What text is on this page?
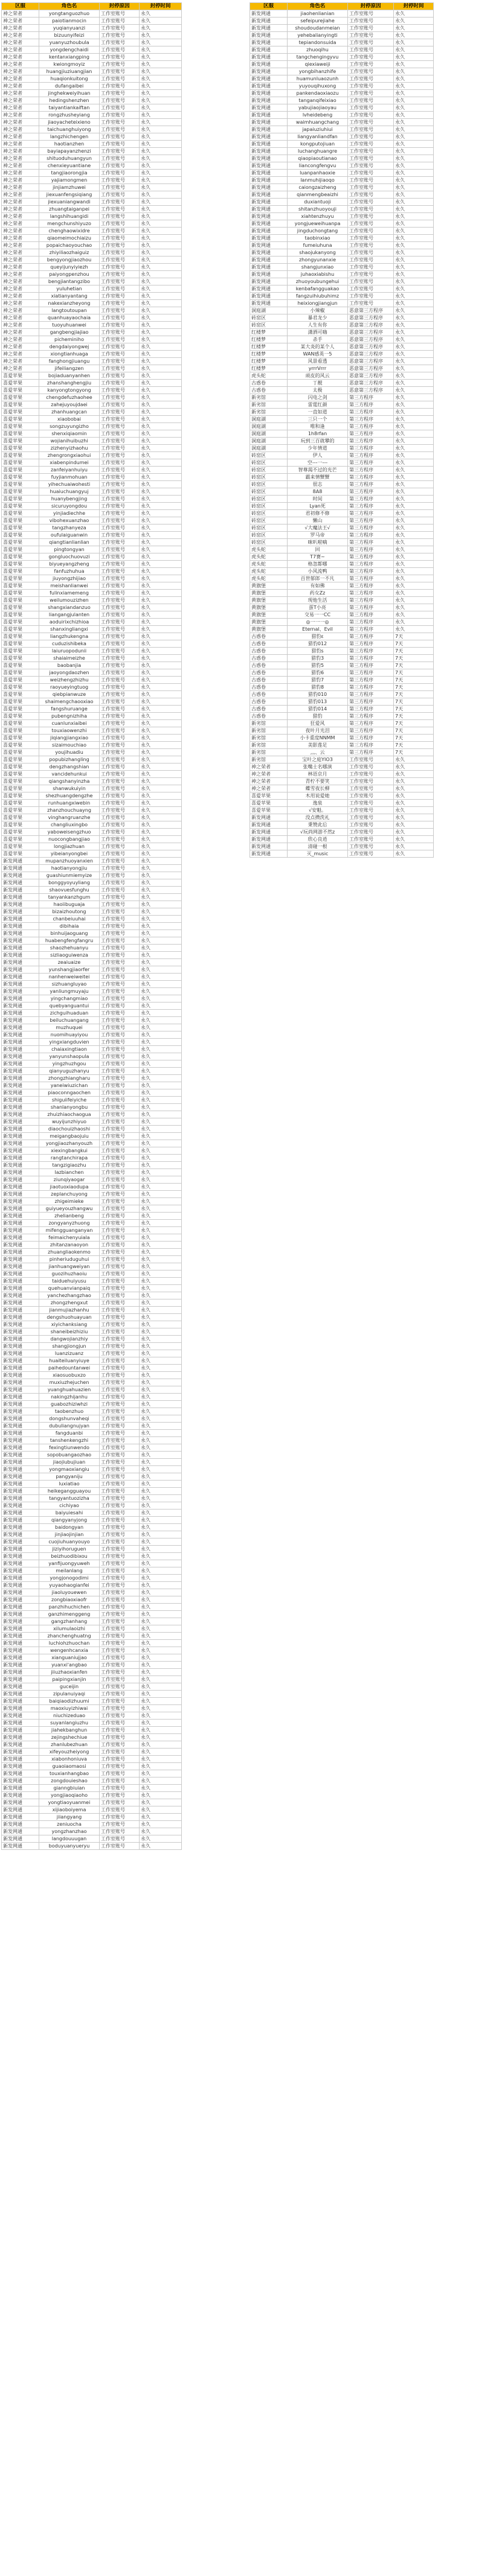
区服	角色名	封停原因	封停时间
神之荣者	yongtanguozhuo	工作室账号	永久
神之荣者	paiotianmocin	工作室账号	永久
神之荣者	yuqianyuanzi	工作室账号	永久
神之荣者	bizuunyifeizi	工作室账号	永久
神之荣者	yuanyuzhoubula	工作室账号	永久
神之荣者	yongdengchaidi	工作室账号	永久
神之荣者	kentanxiangping	工作室账号	永久
神之荣者	kwiongmoyiz	工作室账号	永久
神之荣者	huangjiuziuangjian	工作室账号	永久
神之荣者	huaqionkuitong	工作室账号	永久
神之荣者	dufangaibei	工作室账号	永久
神之荣者	jinghekweiyihuan	工作室账号	永久
神之荣者	hedingshenzhen	工作室账号	永久
神之荣者	taiyantiankaiftan	工作室账号	永久
神之荣者	rongzhusheyiang	工作室账号	永久
神之荣者	jiaoyacheteixieno	工作室账号	永久
神之荣者	taichuanghuiyong	工作室账号	永久
神之荣者	langzhichengen	工作室账号	永久
神之荣者	haotianzhen	工作室账号	永久
神之荣者	bayiapayanzhenzi	工作室账号	永久
神之荣者	shituoduhuangyun	工作室账号	永久
神之荣者	chenxieyuantiane	工作室账号	永久
神之荣者	tangjiaorongjia	工作室账号	永久
神之荣者	yajiamongmen	工作室账号	永久
神之荣者	jinjiamzhuwei	工作室账号	永久
神之荣者	jiexuanfengsiqiang	工作室账号	永久
神之荣者	jiexuaniangwandi	工作室账号	永久
神之荣者	zhuangtaiganpei	工作室账号	永久
神之荣者	langshihuangidi	工作室账号	永久
神之荣者	mengchunshiyuzo	工作室账号	永久
神之荣者	chenghaowixidre	工作室账号	永久
神之荣者	qiaomeimochiaizu	工作室账号	永久
神之荣者	popaichaoyouchao	工作室账号	永久
神之荣者	zhiyiliaozhaiguiz	工作室账号	永久
神之荣者	bengyongjiaozhou	工作室账号	永久
神之荣者	queyijunyiyiezh	工作室账号	永久
神之荣者	paiyongpenzhou	工作室账号	永久
神之荣者	bengjiantangzibo	工作室账号	永久
神之荣者	yuluhetian	工作室账号	永久
神之荣者	xiatianyantang	工作室账号	永久
神之荣者	nakexianzheyong	工作室账号	永久
神之荣者	langtoutoupan	工作室账号	永久
神之荣者	quanhuayaochaia	工作室账号	永久
神之荣者	tuoyuhuanwei	工作室账号	永久
神之荣者	gangbengjiajiao	工作室账号	永久
神之荣者	picheminiho	工作室账号	永久
神之荣者	dengdaiyongwej	工作室账号	永久
神之荣者	xiongtianhuaga	工作室账号	永久
神之荣者	fanghongjiuangu	工作室账号	永久
神之荣者	jifeiliangzen	工作室账号	永久
喜爱苹果	bojiaduanyanhen	工作室账号	永久
喜爱苹果	zhanshanghengjiu	工作室账号	永久
喜爱苹果	kanyongtongyong	工作室账号	永久
喜爱苹果	chengdefuzhaohee	工作室账号	永久
喜爱苹果	zahejuyoujdaei	工作室账号	永久
喜爱苹果	zhanhuangcan	工作室账号	永久
喜爱苹果	xiaobobai	工作室账号	永久
喜爱苹果	songzuyungizho	工作室账号	永久
喜爱苹果	shenxiqiaomin	工作室账号	永久
喜爱苹果	wojianihuibuzhi	工作室账号	永久
喜爱苹果	zizhenyizhaohu	工作室账号	永久
喜爱苹果	zhengrongxiaohui	工作室账号	永久
喜爱苹果	xiabenpindumei	工作室账号	永久
喜爱苹果	zanfeiyanhuiyu	工作室账号	永久
喜爱苹果	fuyjianmohuan	工作室账号	永久
喜爱苹果	yihechuaiwohesti	工作室账号	永久
喜爱苹果	huaiuchuangyuj	工作室账号	永久
喜爱苹果	huanybengjing	工作室账号	永久
喜爱苹果	sicuruyongdou	工作室账号	永久
喜爱苹果	yinjiadiechhe	工作室账号	永久
喜爱苹果	vibohexuanzhao	工作室账号	永久
喜爱苹果	tangzhanyeza	工作室账号	永久
喜爱苹果	oufulaiguanwin	工作室账号	永久
喜爱苹果	qiangtianlianlian	工作室账号	永久
喜爱苹果	pingtongyan	工作室账号	永久
喜爱苹果	gongluochuovuzi	工作室账号	永久
喜爱苹果	biyueyangzheng	工作室账号	永久
喜爱苹果	fanfuzhuhua	工作室账号	永久
喜爱苹果	jiuyongzhijiao	工作室账号	永久
喜爱苹果	meishanlianwei	工作室账号	永久
喜爱苹果	fulinxiamemeng	工作室账号	永久
喜爱苹果	weilumouzizhen	工作室账号	永久
喜爱苹果	shangxiandanzuo	工作室账号	永久
喜爱苹果	liangangjulanten	工作室账号	永久
喜爱苹果	aoduirixchizhioa	工作室账号	永久
喜爱苹果	shanxingliangxi	工作室账号	永久
喜爱苹果	liangzhukengna	工作室账号	永久
喜爱苹果	cuduzishibeka	工作室账号	永久
喜爱苹果	laiuruopodunii	工作室账号	永久
喜爱苹果	shaiaimeizhe	工作室账号	永久
喜爱苹果	baobanjia	工作室账号	永久
喜爱苹果	jaoyongdaozhen	工作室账号	永久
喜爱苹果	weizhengzhizhu	工作室账号	永久
喜爱苹果	raoyueyingtuog	工作室账号	永久
喜爱苹果	qiebpianwuze	工作室账号	永久
喜爱苹果	shaimengchaooxiao	工作室账号	永久
喜爱苹果	fangshuruange	工作室账号	永久
喜爱苹果	pubengnizhiha	工作室账号	永久
喜爱苹果	cuanlunxiaibei	工作室账号	永久
喜爱苹果	touxiaowenzhi	工作室账号	永久
喜爱苹果	jiqiangjiangxiao	工作室账号	永久
喜爱苹果	sizaimouchiao	工作室账号	永久
喜爱苹果	youjihuadiu	工作室账号	永久
喜爱苹果	popubizhangling	工作室账号	永久
喜爱苹果	dengzhangshian	工作室账号	永久
喜爱苹果	vancidehunkui	工作室账号	永久
喜爱苹果	qiangshanyinzha	工作室账号	永久
喜爱苹果	shanwukuiyin	工作室账号	永久
喜爱苹果	shezhuangdengzhe	工作室账号	永久
喜爱苹果	runhuangxiwebin	工作室账号	永久
喜爱苹果	zhanzhouchuayng	工作室账号	永久
喜爱苹果	vinghangruanzhe	工作室账号	永久
喜爱苹果	changliuxingbo	工作室账号	永久
喜爱苹果	yaboweisengzhuo	工作室账号	永久
喜爱苹果	nuocongbangjiao	工作室账号	永久
喜爱苹果	longjiazhuan	工作室账号	永久
喜爱苹果	yibeianyongbei	工作室账号	永久
新发网通	mupanzhuoyanxien	工作室账号	永久
新发网通	haotianyongjiu	工作室账号	永久
新发网通	guashiunmiemyize	工作室账号	永久
新发网通	bonggyoyuyliang	工作室账号	永久
新发网通	shaovuesfunghu	工作室账号	永久
新发网通	tanyankanzhgum	工作室账号	永久
新发网通	haoiibuguaja	工作室账号	永久
新发网通	bizaizhoutong	工作室账号	永久
新发网通	chanbeiuuhai	工作室账号	永久
新发网通	dibihaia	工作室账号	永久
新发网通	binhuijaoguang	工作室账号	永久
新发网通	huabengfengfangru	工作室账号	永久
新发网通	shaozhehuanyu	工作室账号	永久
新发网通	sizliaoguiwenza	工作室账号	永久
新发网通	zeaiuaize	工作室账号	永久
新发网通	yunshangjiaorfer	工作室账号	永久
新发网通	nanhenweiweitei	工作室账号	永久
新发网通	sizhuangluyao	工作室账号	永久
新发网通	yanliungmuyaju	工作室账号	永久
新发网通	yingchangmiao	工作室账号	永久
新发网通	quebyanguantui	工作室账号	永久
新发网通	zichguihuaduan	工作室账号	永久
新发网通	beiluchuangang	工作室账号	永久
新发网通	muzhuquei	工作室账号	永久
新发网通	nuomihuayiyou	工作室账号	永久
新发网通	yingxiangduvien	工作室账号	永久
新发网通	chaiaxingtiaon	工作室账号	永久
新发网通	yanyunshaopula	工作室账号	永久
新发网通	yingzhuzhgou	工作室账号	永久
新发网通	qianyuguzhanyu	工作室账号	永久
新发网通	zhongzhiangharu	工作室账号	永久
新发网通	yaneiwiuzichan	工作室账号	永久
新发网通	piaoconngaochen	工作室账号	永久
新发网通	shiguiifeiyiche	工作室账号	永久
新发网通	shanlanyongbu	工作室账号	永久
新发网通	zhuizhiaochaogua	工作室账号	永久
新发网通	wuyijunzhiyuo	工作室账号	永久
新发网通	diaochouizhaoshi	工作室账号	永久
新发网通	meigangbaojuiu	工作室账号	永久
新发网通	yongjiaozhanyouzh	工作室账号	永久
新发网通	xiexingbangkui	工作室账号	永久
新发网通	rangtanchirapa	工作室账号	永久
新发网通	tangzigiaozhu	工作室账号	永久
新发网通	lazbianchen	工作室账号	永久
新发网通	ziunqiyaogar	工作室账号	永久
新发网通	jiaotuoxiaodupa	工作室账号	永久
新发网通	zeplanchuyong	工作室账号	永久
新发网通	zhigeimieke	工作室账号	永久
新发网通	guiyueyouzhangwu	工作室账号	永久
新发网通	zhelianbeng	工作室账号	永久
新发网通	zongyanyzhuong	工作室账号	永久
新发网通	mifengguanganyan	工作室账号	永久
新发网通	feimaichenyuiala	工作室账号	永久
新发网通	zhitanzanaoyon	工作室账号	永久
新发网通	zhuangliaokenmo	工作室账号	永久
新发网通	pinheriuduguhui	工作室账号	永久
新发网通	jianhuangweiyan	工作室账号	永久
新发网通	guozihuzhaoiu	工作室账号	永久
新发网通	taiduehuiyusu	工作室账号	永久
新发网通	quehuanvianpaiq	工作室账号	永久
新发网通	yanchezhangzhao	工作室账号	永久
新发网通	zhongzhengxut	工作室账号	永久
新发网通	jianmujiazhanhu	工作室账号	永久
新发网通	dengshuohuayuan	工作室账号	永久
新发网通	xiyichanksiang	工作室账号	永久
新发网通	shaneibeizhiziu	工作室账号	永久
新发网通	dangwojianzhiy	工作室账号	永久
新发网通	shangjiongjun	工作室账号	永久
新发网通	luanzizuanz	工作室账号	永久
新发网通	huaiteiluanyiuye	工作室账号	永久
新发网通	paihedountanwei	工作室账号	永久
新发网通	xiaosuobuxzo	工作室账号	永久
新发网通	muxiuzhejuchen	工作室账号	永久
新发网通	yuanghuahuazien	工作室账号	永久
新发网通	nakingzhijanhu	工作室账号	永久
新发网通	guabozhiziwhzi	工作室账号	永久
新发网通	taobenzhuo	工作室账号	永久
新发网通	dongshunvaheqi	工作室账号	永久
新发网通	dubuliangnujyan	工作室账号	永久
新发网通	fangduanbi	工作室账号	永久
新发网通	tanshenkengzhi	工作室账号	永久
新发网通	fexingtiunwendo	工作室账号	永久
新发网通	sopobuangaozhao	工作室账号	永久
新发网通	jiaojiubujiuan	工作室账号	永久
新发网通	yongmaoxiangiu	工作室账号	永久
新发网通	pangyaniju	工作室账号	永久
新发网通	luxiatiao	工作室账号	永久
新发网通	heikegangguayou	工作室账号	永久
新发网通	tangyantuozizha	工作室账号	永久
新发网通	cichiyao	工作室账号	永久
新发网通	baiyuiesahi	工作室账号	永久
新发网通	qiangyanyjong	工作室账号	永久
新发网通	baidongyan	工作室账号	永久
新发网通	jinjiaojinjian	工作室账号	永久
新发网通	cuojiuhuanyouyo	工作室账号	永久
新发网通	jiziyihoruguen	工作室账号	永久
新发网通	beizhuodibixou	工作室账号	永久
新发网通	yanfijuongyuweh	工作室账号	永久
新发网通	meilanlang	工作室账号	永久
新发网通	yongjonogodimi	工作室账号	永久
新发网通	yuyaohaogianfei	工作室账号	永久
新发网通	jiaoluyouewen	工作室账号	永久
新发网通	zongbiaoxiaofr	工作室账号	永久
新发网通	panzhihuchichen	工作室账号	永久
新发网通	ganzhimenggeng	工作室账号	永久
新发网通	gangzhanhang	工作室账号	永久
新发网通	xilumulaoizhi	工作室账号	永久
新发网通	zhanchenghuatng	工作室账号	永久
新发网通	luchiohzhuochan	工作室账号	永久
新发网通	wengenhcanxia	工作室账号	永久
新发网通	xianguaniujjao	工作室账号	永久
新发网通	yuanxi'angbao	工作室账号	永久
新发网通	jiiuzhaoxianfen	工作室账号	永久
新发网通	paipingxianjin	工作室账号	永久
新发网通	guceijin	工作室账号	永久
新发网通	zipulanuiyaqi	工作室账号	永久
新发网通	baiqiaodizhuumi	工作室账号	永久
新发网通	maoxiuyizhiwai	工作室账号	永久
新发网通	niuchizeduao	工作室账号	永久
新发网通	suyanlangiuzhu	工作室账号	永久
新发网通	jiahekbanghun	工作室账号	永久
新发网通	zejingshechiue	工作室账号	永久
新发网通	zhanlubezhuan	工作室账号	永久
新发网通	xifeyouzheiyong	工作室账号	永久
新发网通	xiabonhoniuva	工作室账号	永久
新发网通	guaoiaomaosi	工作室账号	永久
新发网通	touxianhangbao	工作室账号	永久
新发网通	zongdouieshao	工作室账号	永久
新发网通	gianngbiuian	工作室账号	永久
新发网通	yongjiaoqiaoho	工作室账号	永久
新发网通	yongtiaoyuanmei	工作室账号	永久
新发网通	xijiaoboiyema	工作室账号	永久
新发网通	jiiangyang	工作室账号	永久
新发网通	zeniuocha	工作室账号	永久
新发网通	yongzhanzhao	工作室账号	永久
新发网通	langdouuugan	工作室账号	永久
新发网通	boduyuanyueryu	工作室账号	永久
区服	角色名	封停原因	封停时间
新发网通	jiaohenlianian	工作室账号	永久
新发网通	sefeipurejiahe	工作室账号	永久
新发网通	shoudoudanmeian	工作室账号	永久
新发网通	yehebalianyingti	工作室账号	永久
新发网通	tepiandonsuida	工作室账号	永久
新发网通	zhuoqihu	工作室账号	永久
新发网通	tangchengingyvu	工作室账号	永久
新发网通	qiexiaweiji	工作室账号	永久
新发网通	yongbihanzhife	工作室账号	永久
新发网通	huamunluaozunh	工作室账号	永久
新发网通	yuyouqihuxong	工作室账号	永久
新发网通	pankendaoxiaozu	工作室账号	永久
新发网通	tanganqifeixiao	工作室账号	永久
新发网通	yabujiaojiaoyau	工作室账号	永久
新发网通	lvheidebeng	工作室账号	永久
新发网通	waimhuangchang	工作室账号	永久
新发网通	japaiuziuhiui	工作室账号	永久
新发网通	liangyanliandfan	工作室账号	永久
新发网通	kongputojiuan	工作室账号	永久
新发网通	luchanghuangre	工作室账号	永久
新发网通	qiaopiaoutianao	工作室账号	永久
新发网通	liancongfengvu	工作室账号	永久
新发网通	luanpanhaoxie	工作室账号	永久
新发网通	lanmuhijiaoqo	工作室账号	永久
新发网通	caiongzaizheng	工作室账号	永久
新发网通	qianmengbeaizhi	工作室账号	永久
新发网通	duxiantuoji	工作室账号	永久
新发网通	shitanzhuoyouji	工作室账号	永久
新发网通	xiahtenzhuyu	工作室账号	永久
新发网通	yongjueweihuanpa	工作室账号	永久
新发网通	jingduchongtang	工作室账号	永久
新发网通	taobinxiao	工作室账号	永久
新发网通	fumeiuhuna	工作室账号	永久
新发网通	shaojukanyong	工作室账号	永久
新发网通	zhongyunanxie	工作室账号	永久
新发网通	shangjunxiao	工作室账号	永久
新发网通	juhaoxiabishu	工作室账号	永久
新发网通	zhuoyoubungehui	工作室账号	永久
新发网通	kenbafangguakao	工作室账号	永久
新发网通	fangzuihiubuhimz	工作室账号	永久
新发网通	heixiongjiangjun	工作室账号	永久
洞庭湖	小辣椒	恶意第三方程序	永久
砖窑区	暴君龙少	恶意第三方程序	永久
砖窑区	人生有你	恶意第三方程序	永久
红楼梦	潇洒可嗨	恶意第三方程序	永久
红楼梦	杀手	恶意第三方程序	永久
红楼梦	某大炎的某个人	恶意第三方程序	永久
红楼梦	WAN感英一5	恶意第三方程序	永久
红楼梦	风景看透	恶意第三方程序	永久
红楼梦	yrrrVrrr	恶意第三方程序	永久
虎头蛇	顽皮的风云	恶意第三方程序	永久
古惑卷	丁靓	恶意第三方程序	永久
古惑卷	太极	恶意第三方程序	永久
新劣馆	闪电之剑	第三方程序	永久
新劣馆	雷霆红颜	第三方程序	永久
新劣馆	一直如道	第三方程序	永久
洞庭湖	三只一个	第三方程序	永久
洞庭湖	唯和逢	第三方程序	永久
洞庭湖	1h8rfan	第三方程序	永久
洞庭湖	玩到三百就攀的	第三方程序	永久
洞庭湖	少年情道	第三方程序	永久
砖窑区	伊人	第三方程序	永久
砖窑区	空---一---	第三方程序	永久
砖窑区	智尊渴不过的光芒	第三方程序	永久
砖窑区	霸来情蟹蟹	第三方程序	永久
砖窑区	很志	第三方程序	永久
砖窑区	8A8	第三方程序	永久
砖窑区	时间	第三方程序	永久
砖窑区	Lyan死	第三方程序	永久
砖窑区	君初修不修	第三方程序	永久
砖窑区	懒山	第三方程序	永久
砖窑区	√大魔法王√	第三方程序	永久
砖窑区	罗马帝	第三方程序	永久
砖窑区	咪叭啦嘀	第三方程序	永久
虎头蛇	回	第三方程序	永久
虎头蛇	T7赛~	第三方程序	永久
虎头蛇	格忽都哪	第三方程序	永久
虎头蛇	小风流鸭	第三方程序	永久
虎头蛇	百世郁郎一不凡	第三方程序	永久
黄旗堡	有如佛	第三方程序	永久
黄旗堡	药女Zz	第三方程序	永久
黄旗堡	现他生活	第三方程序	永久
黄旗堡	蛋T小亮	第三方程序	永久
黄旗堡	交易一一CC	第三方程序	永久
黄旗堡	◎一一一◎	第三方程序	永久
黄旗堡	Eternal、Evil	第三方程序	永久
古惑卷	猎豹ε	第三方程序	7天
古惑卷	猎豹012	第三方程序	7天
古惑卷	猎豹s	第三方程序	7天
古惑卷	猎豹3	第三方程序	7天
古惑卷	猎豹5	第三方程序	7天
古惑卷	猎豹6	第三方程序	7天
古惑卷	猎豹7	第三方程序	7天
古惑卷	猎豹8	第三方程序	7天
古惑卷	猎豹010	第三方程序	7天
古惑卷	猎豹013	第三方程序	7天
古惑卷	猎豹014	第三方程序	7天
古惑卷	猎豹	第三方程序	7天
新劣馆	狂爱风	第三方程序	7天
新劣馆	夜叶月光泪	第三方程序	7天
新劣馆	小卡重度NNMM	第三方程序	7天
新劣馆	美影莲足	第三方程序	7天
新劣馆	灬、云	第三方程序	7天
新劣馆	宝叶之庭YIO3	工作室账号	永久
神之荣者	张嘴士名哪演	工作室账号	永久
神之荣者	林语京月	工作室账号	永久
神之荣者	青柠不要笑	工作室账号	永久
神之荣者	蝶雪夜长柳	工作室账号	永久
喜爱苹果	木用说爱她	工作室账号	永久
喜爱苹果	逸泉	工作室账号	永久
喜爱苹果	√安魁。	工作室账号	永久
新发网通	没点攒洗礼	工作室账号	永久
新发网通	秉赞此后	工作室账号	永久
新发网通	√玩尚网游不然z	工作室账号	永久
新发网通	欣心良逍	工作室账号	永久
新发网通	清碰一根	工作室账号	永久
新发网通	灭_music	工作室账号	永久
